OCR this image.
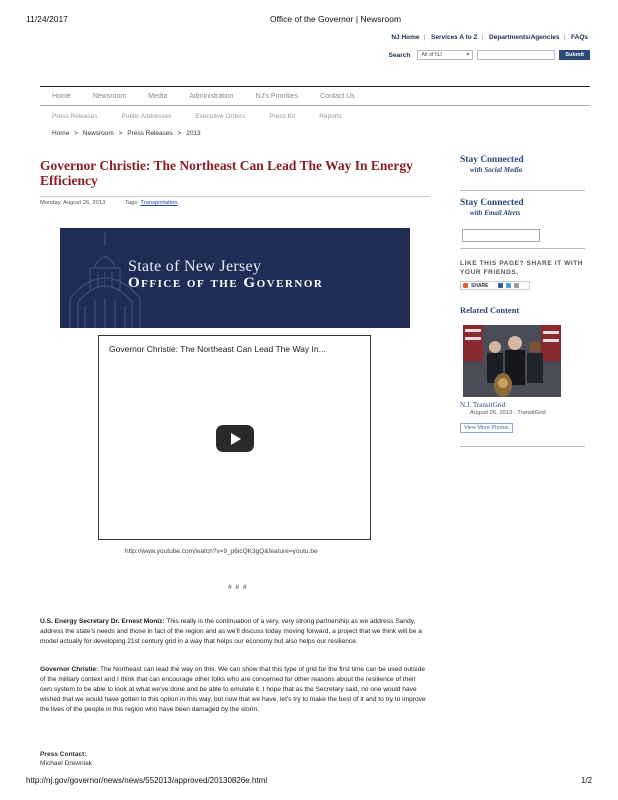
11/24/2017	Office of the Governor | Newsroom
NJ Home | Services A to Z | Departments/Agencies | FAQs
Search	All of NJ	▾	Submit
Home	Newsroom	Media	Administration	NJ's Priorities	Contact Us
Press Releases	Public Addresses	Executive Orders	Press Kit	Reports
Home > Newsroom > Press Releases > 2013
Governor Christie: The Northeast Can Lead The Way In Energy Efficiency
Monday, August 26, 2013	Tags: Transportation
State of New Jersey
Office of the Governor
Governor Christie: The Northeast Can Lead The Way In...
http://www.youtube.com/watch?v=9_p6icQK3gQ&feature=youtu.be
# # #

U.S. Energy Secretary Dr. Ernest Moniz: This really is the continuation of a very, very strong partnership as we address Sandy, address the state's needs and those in fact of the region and as we'll discuss today moving forward, a project that we think will be a model actually for developing 21st century grid in a way that helps our economy but also helps our resilience.

Governor Christie: The Northeast can lead the way on this. We can show that this type of grid for the first time can be used outside of the military context and I think that can encourage other folks who are concerned for other reasons about the resilience of their own system to be able to look at what we've done and be able to emulate it. I hope that as the Secretary said, no one would have wished that we would have gotten to this option in this way, but now that we have, let's try to make the best of it and to try to improve the lives of the people in this region who have been damaged by the storm.

Press Contact:
Michael Drewniak
Stay Connected
with Social Media
Stay Connected
with Email Alerts
LIKE THIS PAGE? SHARE IT WITH YOUR FRIENDS.
SHARE
Related Content
N.J. TransitGrid
August 26, 2013 - TransitGrid
View More Photos
http://nj.gov/governor/news/news/552013/approved/20130826e.html	1/2
